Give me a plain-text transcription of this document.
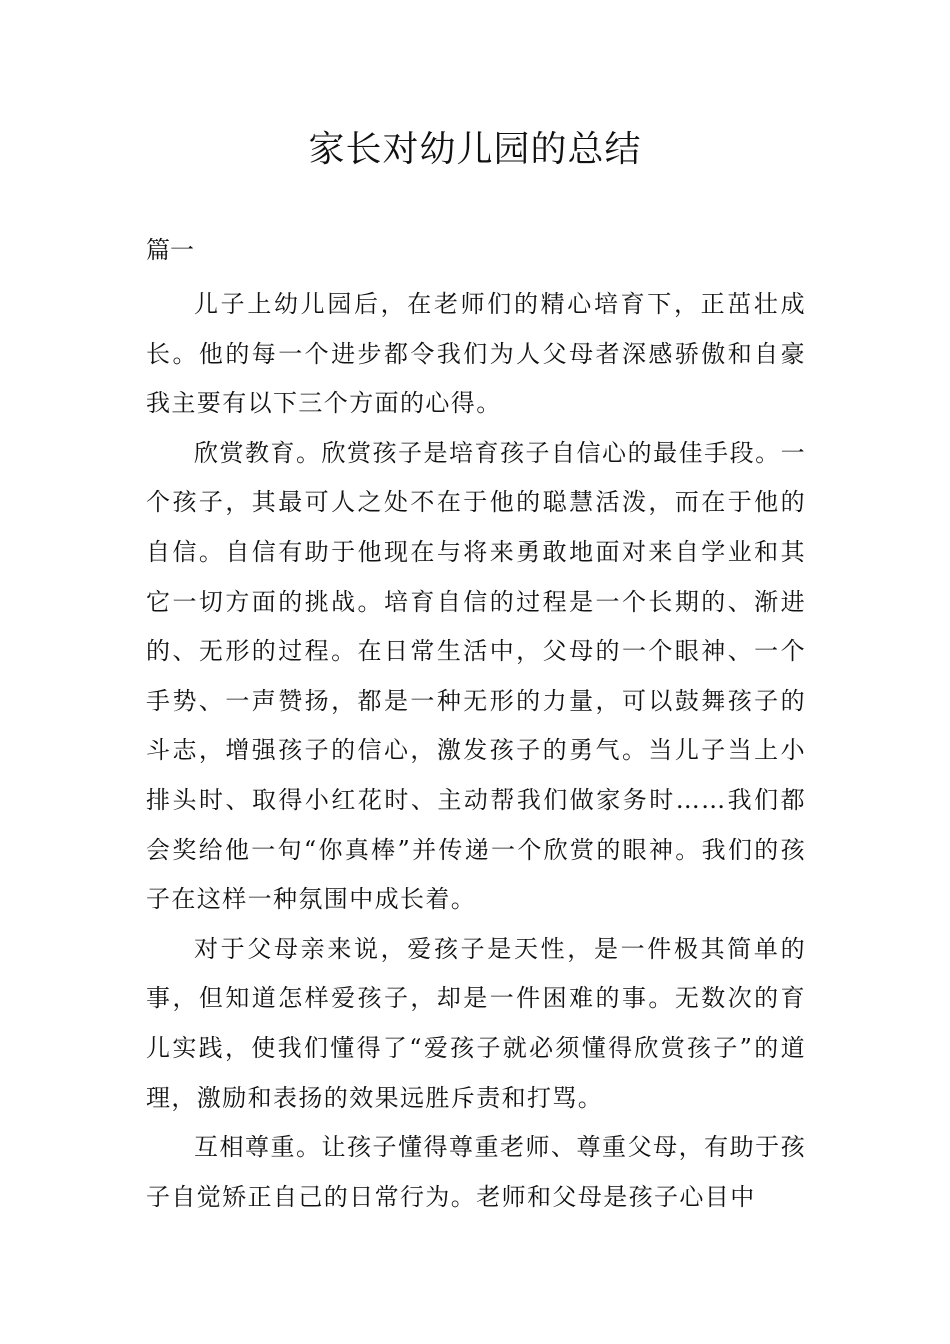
家长对幼儿园的总结

篇一

儿子上幼儿园后，在老师们的精心培育下，正茁壮成长。他的每一个进步都令我们为人父母者深感骄傲和自豪我主要有以下三个方面的心得。

欣赏教育。欣赏孩子是培育孩子自信心的最佳手段。一个孩子，其最可人之处不在于他的聪慧活泼，而在于他的自信。自信有助于他现在与将来勇敢地面对来自学业和其它一切方面的挑战。培育自信的过程是一个长期的、渐进的、无形的过程。在日常生活中，父母的一个眼神、一个手势、一声赞扬，都是一种无形的力量，可以鼓舞孩子的斗志，增强孩子的信心，激发孩子的勇气。当儿子当上小排头时、取得小红花时、主动帮我们做家务时……我们都会奖给他一句“你真棒”并传递一个欣赏的眼神。我们的孩子在这样一种氛围中成长着。

对于父母亲来说，爱孩子是天性，是一件极其简单的事，但知道怎样爱孩子，却是一件困难的事。无数次的育儿实践，使我们懂得了“爱孩子就必须懂得欣赏孩子”的道理，激励和表扬的效果远胜斥责和打骂。

互相尊重。让孩子懂得尊重老师、尊重父母，有助于孩子自觉矫正自己的日常行为。老师和父母是孩子心目中
